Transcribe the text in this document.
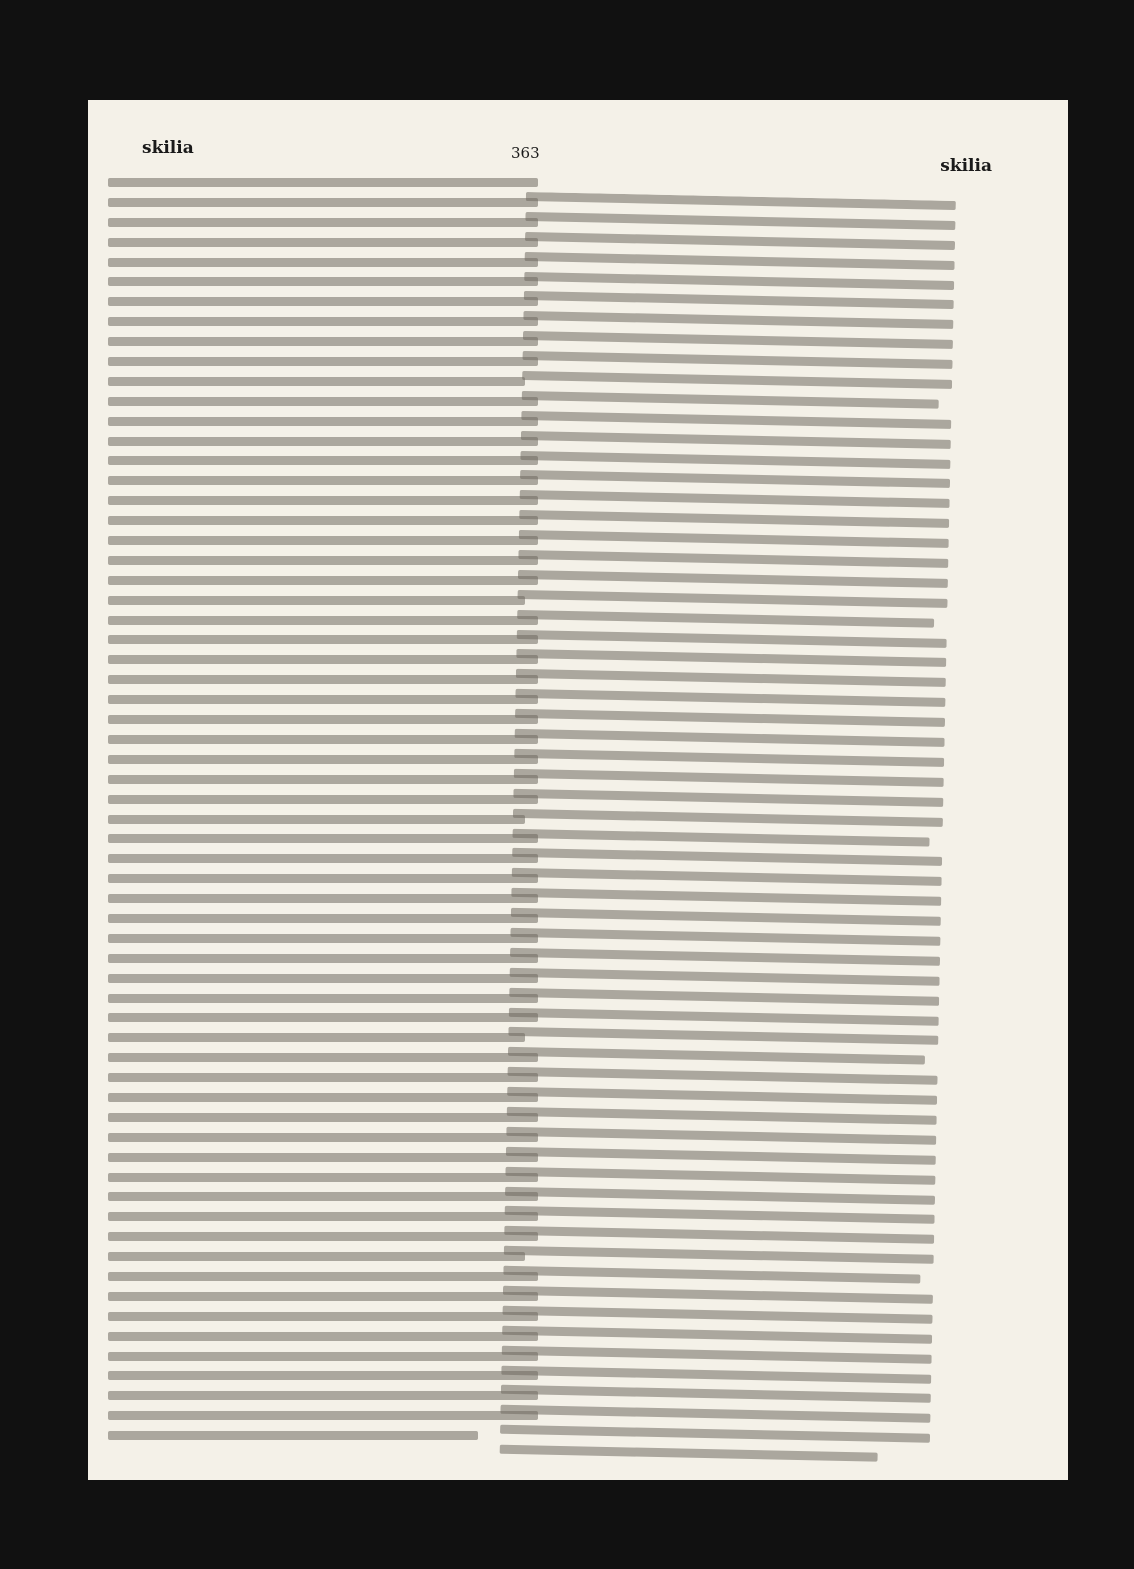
skilia	363
skilia
